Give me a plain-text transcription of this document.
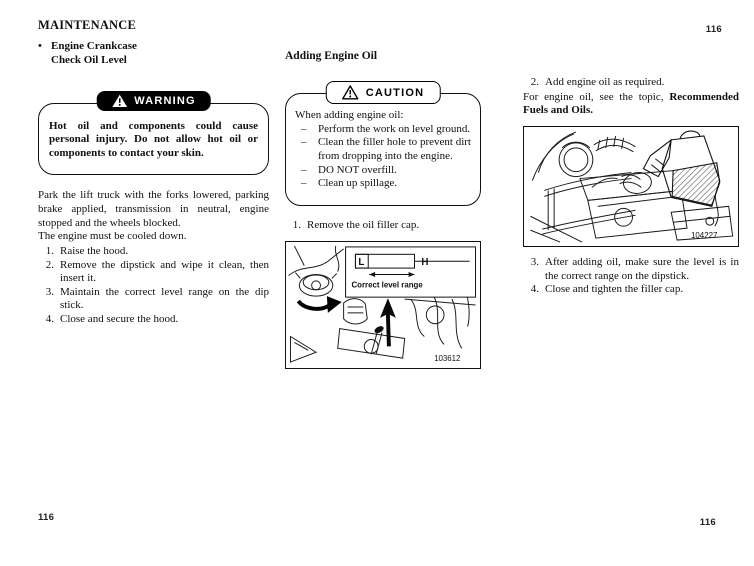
MAINTENANCE
• Engine Crankcase
Check Oil Level
WARNING
Hot oil and components could cause personal injury. Do not allow hot oil or components to contact your skin.
Park the lift truck with the forks lowered, parking brake applied, transmission in neutral, engine stopped and the wheels blocked.
The engine must be cooled down.
1. Raise the hood.
2. Remove the dipstick and wipe it clean, then insert it.
3. Maintain the correct level range on the dip stick.
4. Close and secure the hood.
Adding Engine Oil
CAUTION
When adding engine oil:
–	Perform the work on level ground.
–	Clean the filler hole to prevent dirt from dropping into the engine.
–	DO NOT overfill.
–	Clean up spillage.
1. Remove the oil filler cap.
L	H
Correct level range
103612
2. Add engine oil as required.
For engine oil, see the topic, Recommended Fuels and Oils.
104227
3. After adding oil, make sure the level is in the correct range on the dipstick.
4. Close and tighten the filler cap.
116
116	116
